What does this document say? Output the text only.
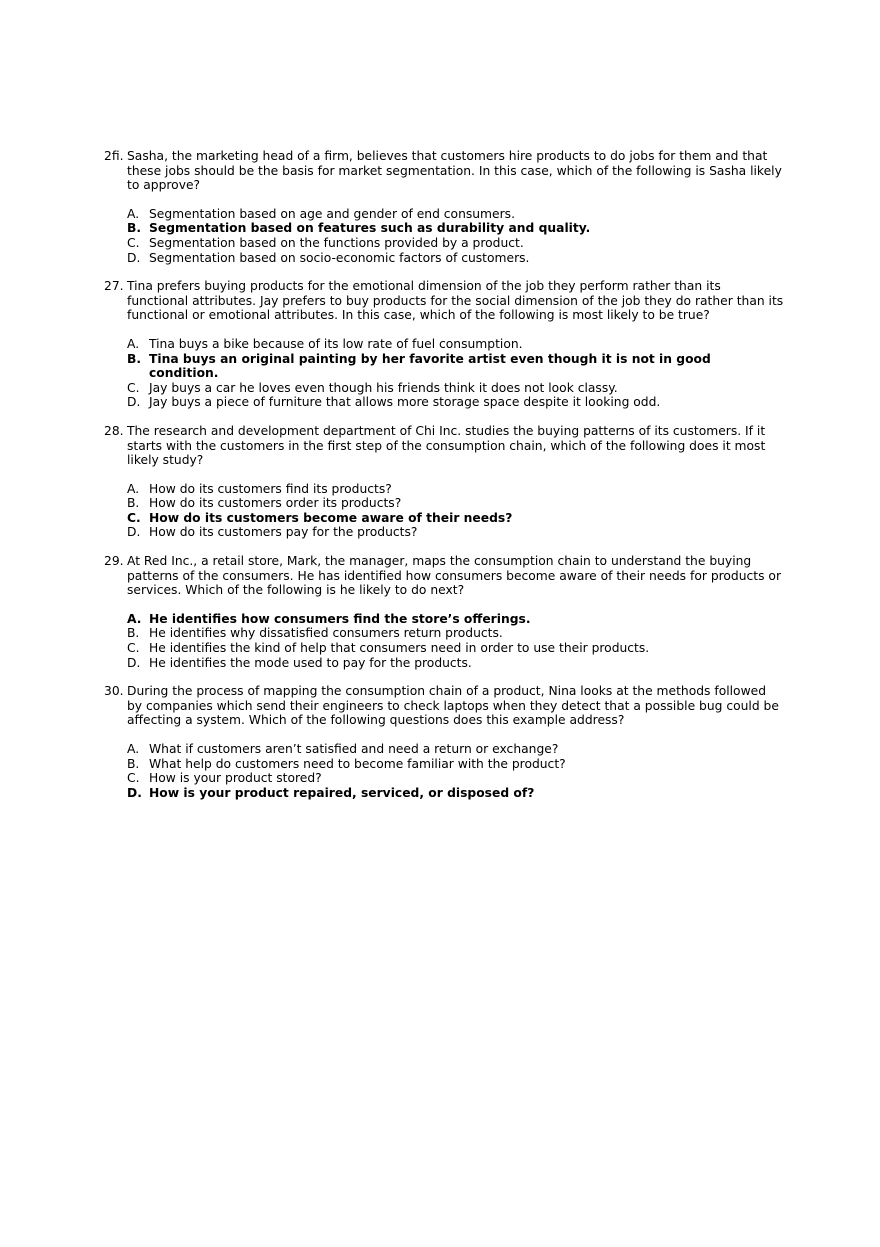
2fi. Sasha, the marketing head of a firm, believes that customers hire products to do jobs for them and that these jobs should be the basis for market segmentation. In this case, which of the following is Sasha likely to approve?
A. Segmentation based on age and gender of end consumers.
B. Segmentation based on features such as durability and quality.
C. Segmentation based on the functions provided by a product.
D. Segmentation based on socio-economic factors of customers.
27. Tina prefers buying products for the emotional dimension of the job they perform rather than its functional attributes. Jay prefers to buy products for the social dimension of the job they do rather than its functional or emotional attributes. In this case, which of the following is most likely to be true?
A. Tina buys a bike because of its low rate of fuel consumption.
B. Tina buys an original painting by her favorite artist even though it is not in good condition.
C. Jay buys a car he loves even though his friends think it does not look classy.
D. Jay buys a piece of furniture that allows more storage space despite it looking odd.
28. The research and development department of Chi Inc. studies the buying patterns of its customers. If it starts with the customers in the first step of the consumption chain, which of the following does it most likely study?
A. How do its customers find its products?
B. How do its customers order its products?
C. How do its customers become aware of their needs?
D. How do its customers pay for the products?
29. At Red Inc., a retail store, Mark, the manager, maps the consumption chain to understand the buying patterns of the consumers. He has identified how consumers become aware of their needs for products or services. Which of the following is he likely to do next?
A. He identifies how consumers find the store’s offerings.
B. He identifies why dissatisfied consumers return products.
C. He identifies the kind of help that consumers need in order to use their products.
D. He identifies the mode used to pay for the products.
30. During the process of mapping the consumption chain of a product, Nina looks at the methods followed by companies which send their engineers to check laptops when they detect that a possible bug could be affecting a system. Which of the following questions does this example address?
A. What if customers aren’t satisfied and need a return or exchange?
B. What help do customers need to become familiar with the product?
C. How is your product stored?
D. How is your product repaired, serviced, or disposed of?
